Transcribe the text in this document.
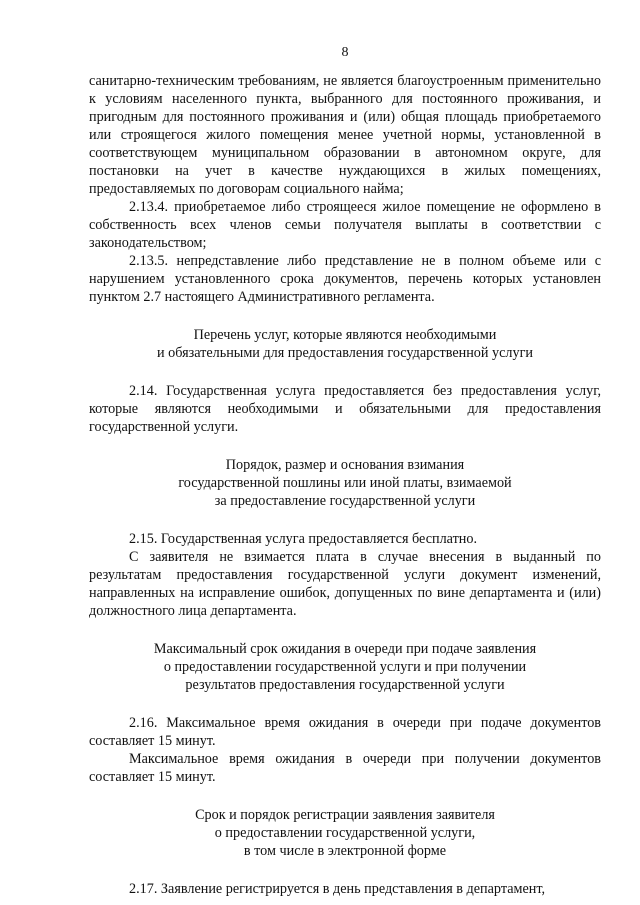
8

санитарно-техническим требованиям, не является благоустроенным применительно к условиям населенного пункта, выбранного для постоянного проживания, и пригодным для постоянного проживания и (или) общая площадь приобретаемого или строящегося жилого помещения менее учетной нормы, установленной в соответствующем муниципальном образовании в автономном округе, для постановки на учет в качестве нуждающихся в жилых помещениях, предоставляемых по договорам социального найма;

2.13.4. приобретаемое либо строящееся жилое помещение не оформлено в собственность всех членов семьи получателя выплаты в соответствии с законодательством;

2.13.5. непредставление либо представление не в полном объеме или с нарушением установленного срока документов, перечень которых установлен пунктом 2.7 настоящего Административного регламента.

Перечень услуг, которые являются необходимыми

и обязательными для предоставления государственной услуги

2.14. Государственная услуга предоставляется без предоставления услуг, которые являются необходимыми и обязательными для предоставления государственной услуги.

Порядок, размер и основания взимания

государственной пошлины или иной платы, взимаемой

за предоставление государственной услуги

2.15. Государственная услуга предоставляется бесплатно.

С заявителя не взимается плата в случае внесения в выданный по результатам предоставления государственной услуги документ изменений, направленных на исправление ошибок, допущенных по вине департамента и (или) должностного лица департамента.

Максимальный срок ожидания в очереди при подаче заявления

о предоставлении государственной услуги и при получении

результатов предоставления государственной услуги

2.16. Максимальное время ожидания в очереди при подаче документов составляет 15 минут.

Максимальное время ожидания в очереди при получении документов составляет 15 минут.

Срок и порядок регистрации заявления заявителя

о предоставлении государственной услуги,

в том числе в электронной форме

2.17. Заявление регистрируется в день представления в департамент,
